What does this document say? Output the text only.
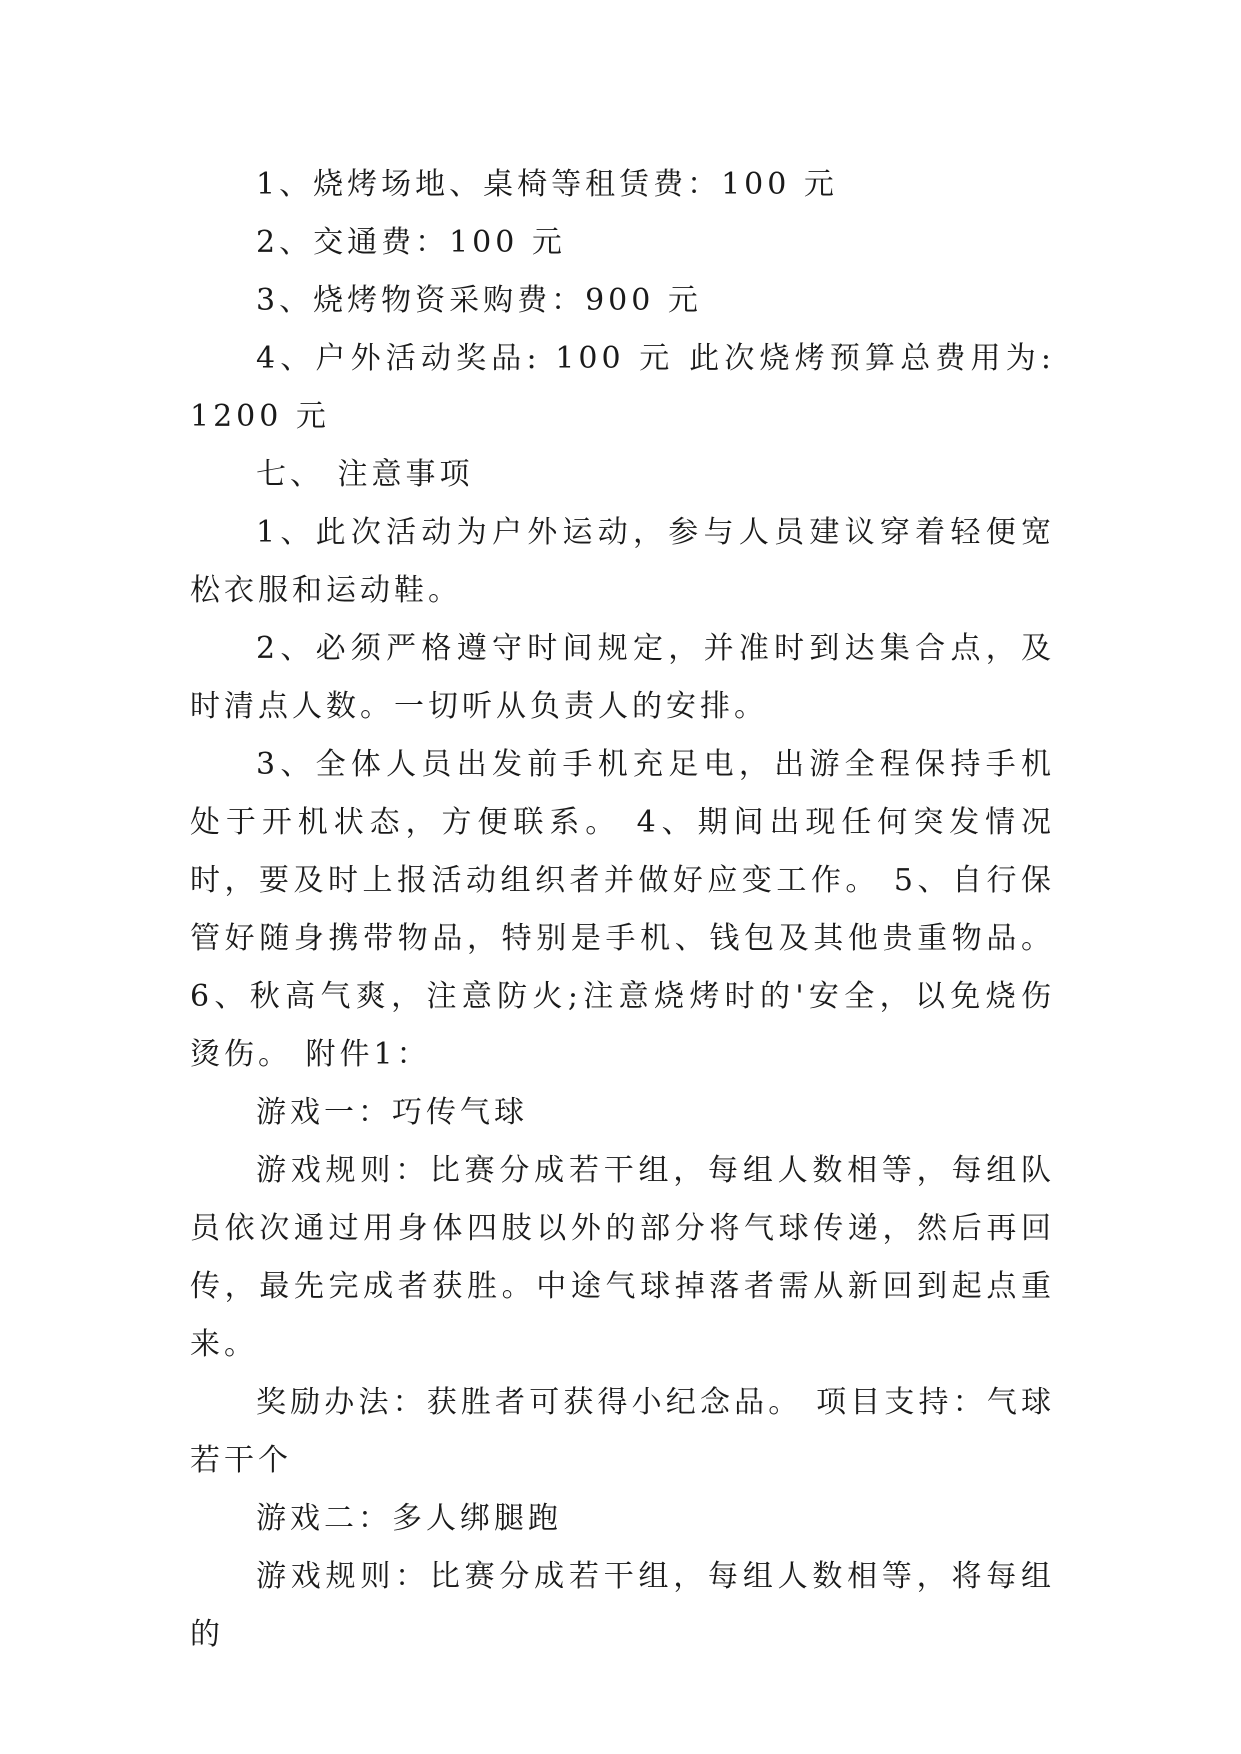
1、烧烤场地、桌椅等租赁费：100 元

2、交通费：100 元

3、烧烤物资采购费：900 元

4、户外活动奖品: 100 元 此次烧烤预算总费用为: 1200 元

七、 注意事项

1、此次活动为户外运动，参与人员建议穿着轻便宽松衣服和运动鞋。

2、必须严格遵守时间规定，并准时到达集合点，及时清点人数。一切听从负责人的安排。

3、全体人员出发前手机充足电，出游全程保持手机处于开机状态，方便联系。 4、期间出现任何突发情况时，要及时上报活动组织者并做好应变工作。 5、自行保管好随身携带物品，特别是手机、钱包及其他贵重物品。 6、秋高气爽，注意防火;注意烧烤时的'安全，以免烧伤烫伤。 附件1：

游戏一：巧传气球

游戏规则：比赛分成若干组，每组人数相等，每组队员依次通过用身体四肢以外的部分将气球传递，然后再回传，最先完成者获胜。中途气球掉落者需从新回到起点重来。

奖励办法：获胜者可获得小纪念品。 项目支持：气球若干个

游戏二：多人绑腿跑

游戏规则：比赛分成若干组，每组人数相等，将每组的
